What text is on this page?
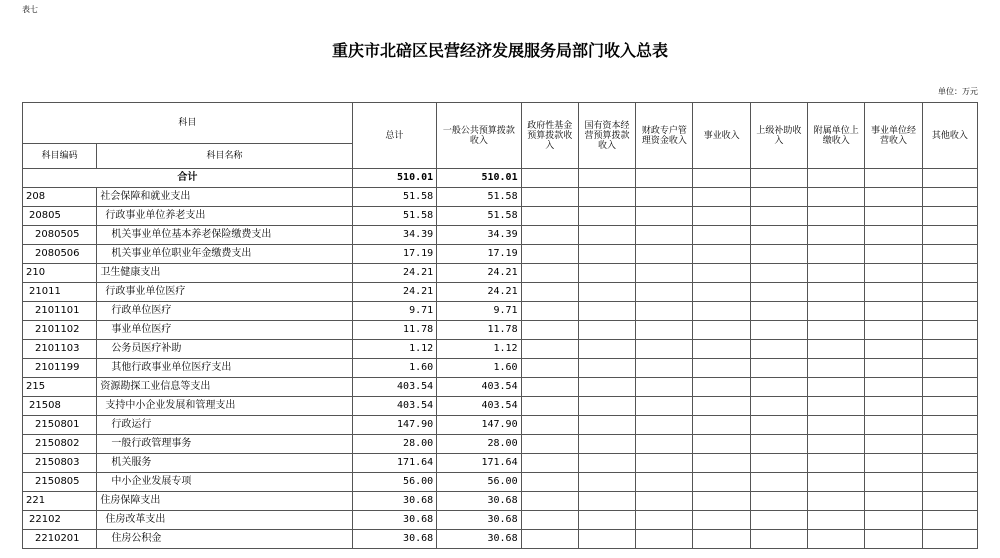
表七
重庆市北碚区民营经济发展服务局部门收入总表
单位：万元
科目		总计	一般公共预算拨款收入	政府性基金预算拨款收入	国有资本经营预算拨款收入	财政专户管理资金收入	事业收入	上级补助收入	附属单位上缴收入	事业单位经营收入	其他收入
科目编码	科目名称										
合计		510.01	510.01								
208	社会保障和就业支出	51.58	51.58								
20805	行政事业单位养老支出	51.58	51.58								
2080505	机关事业单位基本养老保险缴费支出	34.39	34.39								
2080506	机关事业单位职业年金缴费支出	17.19	17.19								
210	卫生健康支出	24.21	24.21								
21011	行政事业单位医疗	24.21	24.21								
2101101	行政单位医疗	9.71	9.71								
2101102	事业单位医疗	11.78	11.78								
2101103	公务员医疗补助	1.12	1.12								
2101199	其他行政事业单位医疗支出	1.60	1.60								
215	资源勘探工业信息等支出	403.54	403.54								
21508	支持中小企业发展和管理支出	403.54	403.54								
2150801	行政运行	147.90	147.90								
2150802	一般行政管理事务	28.00	28.00								
2150803	机关服务	171.64	171.64								
2150805	中小企业发展专项	56.00	56.00								
221	住房保障支出	30.68	30.68								
22102	住房改革支出	30.68	30.68								
2210201	住房公积金	30.68	30.68								
